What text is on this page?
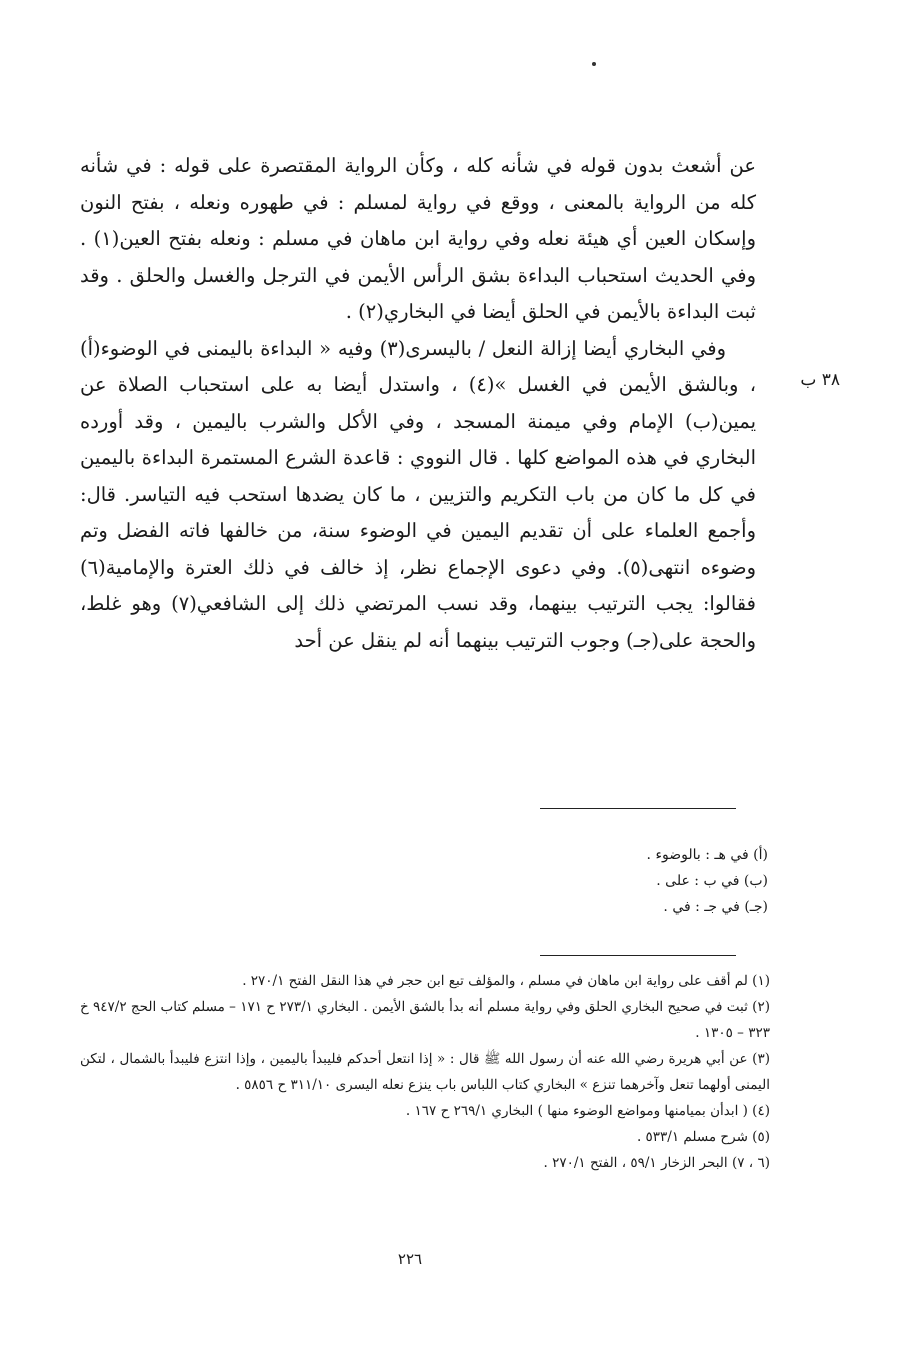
عن أشعث بدون قوله في شأنه كله ، وكأن الرواية المقتصرة على قوله : في شأنه كله من الرواية بالمعنى ، ووقع في رواية لمسلم : في طهوره ونعله ، بفتح النون وإسكان العين أي هيئة نعله وفي رواية ابن ماهان في مسلم : ونعله بفتح العين(١) . وفي الحديث استحباب البداءة بشق الرأس الأيمن في الترجل والغسل والحلق . وقد ثبت البداءة بالأيمن في الحلق أيضا في البخاري(٢) .

وفي البخاري أيضا إزالة النعل / باليسرى(٣) وفيه « البداءة باليمنى في الوضوء(أ) ، وبالشق الأيمن في الغسل »(٤) ، واستدل أيضا به على استحباب الصلاة عن يمين(ب) الإمام وفي ميمنة المسجد ، وفي الأكل والشرب باليمين ، وقد أورده البخاري في هذه المواضع كلها . قال النووي : قاعدة الشرع المستمرة البداءة باليمين في كل ما كان من باب التكريم والتزيين ، ما كان يضدها استحب فيه التياسر. قال: وأجمع العلماء على أن تقديم اليمين في الوضوء سنة، من خالفها فاته الفضل وتم وضوءه انتهى(٥). وفي دعوى الإجماع نظر، إذ خالف في ذلك العترة والإمامية(٦) فقالوا: يجب الترتيب بينهما، وقد نسب المرتضي ذلك إلى الشافعي(٧) وهو غلط، والحجة على(جـ) وجوب الترتيب بينهما أنه لم ينقل عن أحد

٣٨ ب
(أ) في هـ : بالوضوء .
(ب) في ب : على .
(جـ) في جـ : في .

(١) لم أقف على رواية ابن ماهان في مسلم ، والمؤلف تبع ابن حجر في هذا النقل الفتح ٢٧٠/١ .

(٢) ثبت في صحيح البخاري الحلق وفي رواية مسلم أنه بدأ بالشق الأيمن . البخاري ٢٧٣/١ ح ١٧١ – مسلم كتاب الحج ٩٤٧/٢ خ ٣٢٣ – ١٣٠٥ .

(٣) عن أبي هريرة رضي الله عنه أن رسول الله ﷺ قال : « إذا انتعل أحدكم فليبدأ باليمين ، وإذا انتزع فليبدأ بالشمال ، لتكن اليمنى أولهما تنعل وآخرهما تنزع » البخاري كتاب اللباس باب ينزع نعله اليسرى ٣١١/١٠ ح ٥٨٥٦ .

(٤) ( ابدأن بميامنها ومواضع الوضوء منها ) البخاري ٢٦٩/١ ح ١٦٧ .

(٥) شرح مسلم ٥٣٣/١ .

(٦ ، ٧) البحر الزخار ٥٩/١ ، الفتح ٢٧٠/١ .

٢٢٦
